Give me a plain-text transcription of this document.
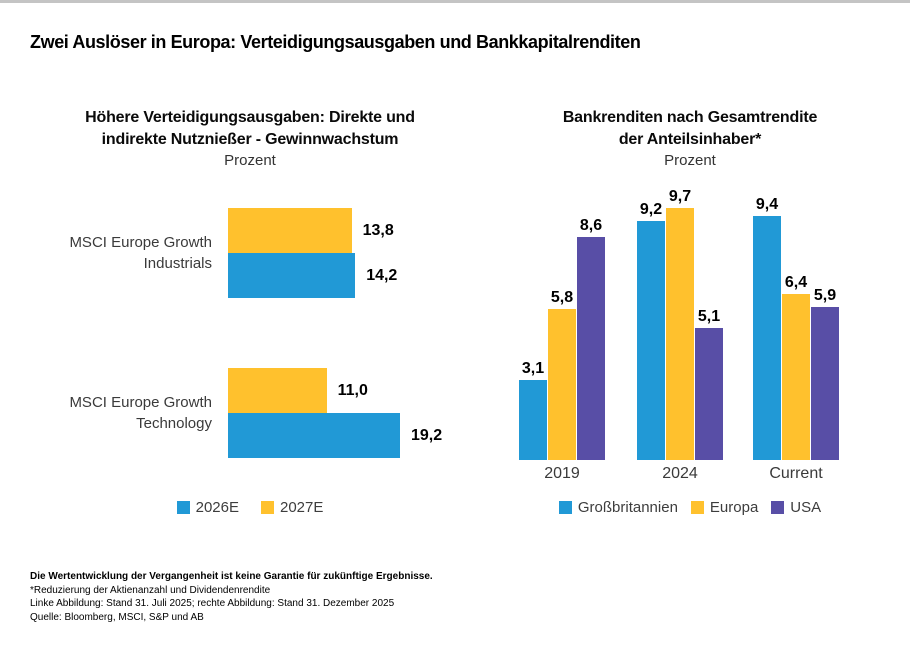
Zwei Auslöser in Europa: Verteidigungsausgaben und Bankkapitalrenditen
Höhere Verteidigungsausgaben: Direkte und
indirekte Nutznießer - Gewinnwachstum
Prozent
MSCI Europe Growth
Industrials
13,8
14,2
MSCI Europe Growth
Technology
11,0
19,2
2026E	2027E
Bankrenditen nach Gesamtrendite
der Anteilsinhaber*
Prozent
2019
3,1
5,8
8,6
2024
9,2
9,7
5,1
Current
9,4
6,4
5,9
Großbritannien Europa USA
Die Wertentwicklung der Vergangenheit ist keine Garantie für zukünftige Ergebnisse.
*Reduzierung der Aktienanzahl und Dividendenrendite
Linke Abbildung: Stand 31. Juli 2025; rechte Abbildung: Stand 31. Dezember 2025
Quelle: Bloomberg, MSCI, S&P und AB
